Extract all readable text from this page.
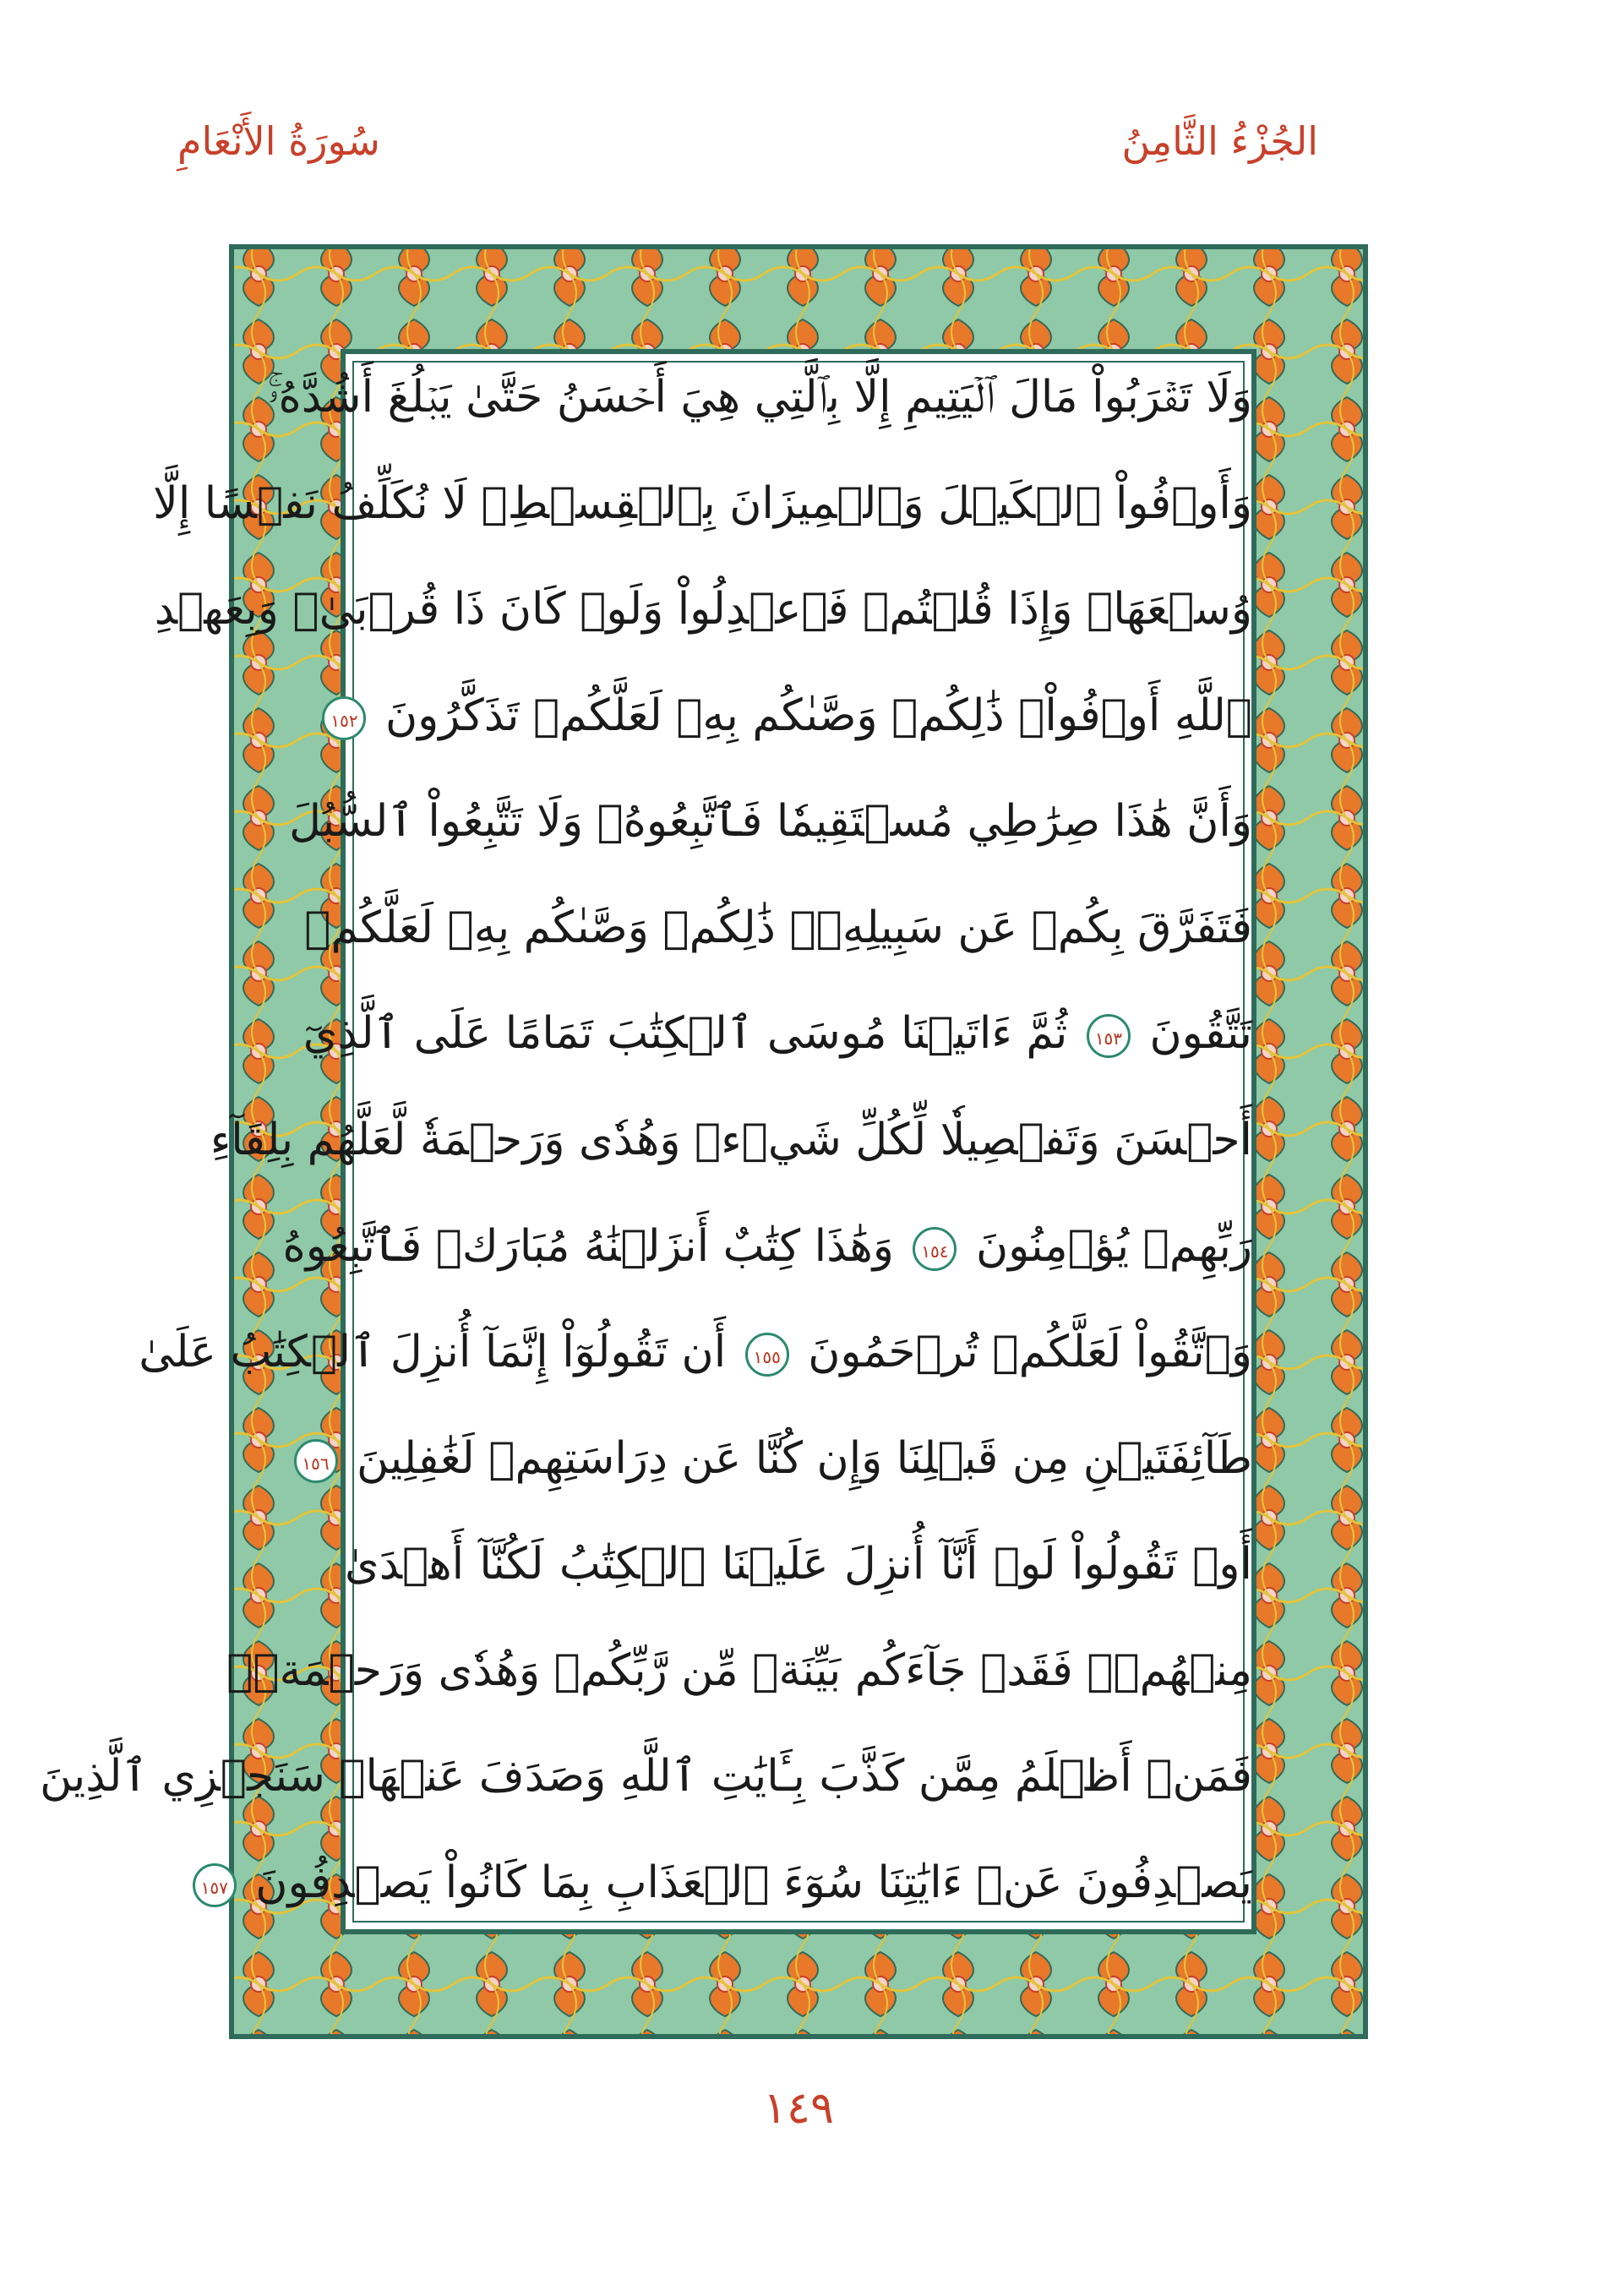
الجُزْءُ الثَّامِنُ
سُورَةُ الأَنْعَامِ
وَلَا تَقۡرَبُواْ مَالَ ٱلۡيَتِيمِ إِلَّا بِٱلَّتِي هِيَ أَحۡسَنُ حَتَّىٰ يَبۡلُغَ أَشُدَّهُۥۚ
وَأَوۡفُواْ ٱلۡكَيۡلَ وَٱلۡمِيزَانَ بِٱلۡقِسۡطِۖ لَا نُكَلِّفُ نَفۡسًا إِلَّا
وُسۡعَهَاۖ وَإِذَا قُلۡتُمۡ فَٱعۡدِلُواْ وَلَوۡ كَانَ ذَا قُرۡبَىٰۖ وَبِعَهۡدِ
ٱللَّهِ أَوۡفُواْۚ ذَٰلِكُمۡ وَصَّىٰكُم بِهِۦ لَعَلَّكُمۡ تَذَكَّرُونَ ١٥٢
وَأَنَّ هَٰذَا صِرَٰطِي مُسۡتَقِيمٗا فَٱتَّبِعُوهُۖ وَلَا تَتَّبِعُواْ ٱلسُّبُلَ
فَتَفَرَّقَ بِكُمۡ عَن سَبِيلِهِۦۚ ذَٰلِكُمۡ وَصَّىٰكُم بِهِۦ لَعَلَّكُمۡ
تَتَّقُونَ ١٥٣ ثُمَّ ءَاتَيۡنَا مُوسَى ٱلۡكِتَٰبَ تَمَامًا عَلَى ٱلَّذِيٓ
أَحۡسَنَ وَتَفۡصِيلٗا لِّكُلِّ شَيۡءٖ وَهُدٗى وَرَحۡمَةٗ لَّعَلَّهُم بِلِقَآءِ
رَبِّهِمۡ يُؤۡمِنُونَ ١٥٤ وَهَٰذَا كِتَٰبٌ أَنزَلۡنَٰهُ مُبَارَكٞ فَٱتَّبِعُوهُ
وَٱتَّقُواْ لَعَلَّكُمۡ تُرۡحَمُونَ ١٥٥ أَن تَقُولُوٓاْ إِنَّمَآ أُنزِلَ ٱلۡكِتَٰبُ عَلَىٰ
طَآئِفَتَيۡنِ مِن قَبۡلِنَا وَإِن كُنَّا عَن دِرَاسَتِهِمۡ لَغَٰفِلِينَ ١٥٦
أَوۡ تَقُولُواْ لَوۡ أَنَّآ أُنزِلَ عَلَيۡنَا ٱلۡكِتَٰبُ لَكُنَّآ أَهۡدَىٰ
مِنۡهُمۡۚ فَقَدۡ جَآءَكُم بَيِّنَةٞ مِّن رَّبِّكُمۡ وَهُدٗى وَرَحۡمَةٞۚ
فَمَنۡ أَظۡلَمُ مِمَّن كَذَّبَ بِـَٔايَٰتِ ٱللَّهِ وَصَدَفَ عَنۡهَاۗ سَنَجۡزِي ٱلَّذِينَ
يَصۡدِفُونَ عَنۡ ءَايَٰتِنَا سُوٓءَ ٱلۡعَذَابِ بِمَا كَانُواْ يَصۡدِفُونَ ١٥٧
١٤٩
